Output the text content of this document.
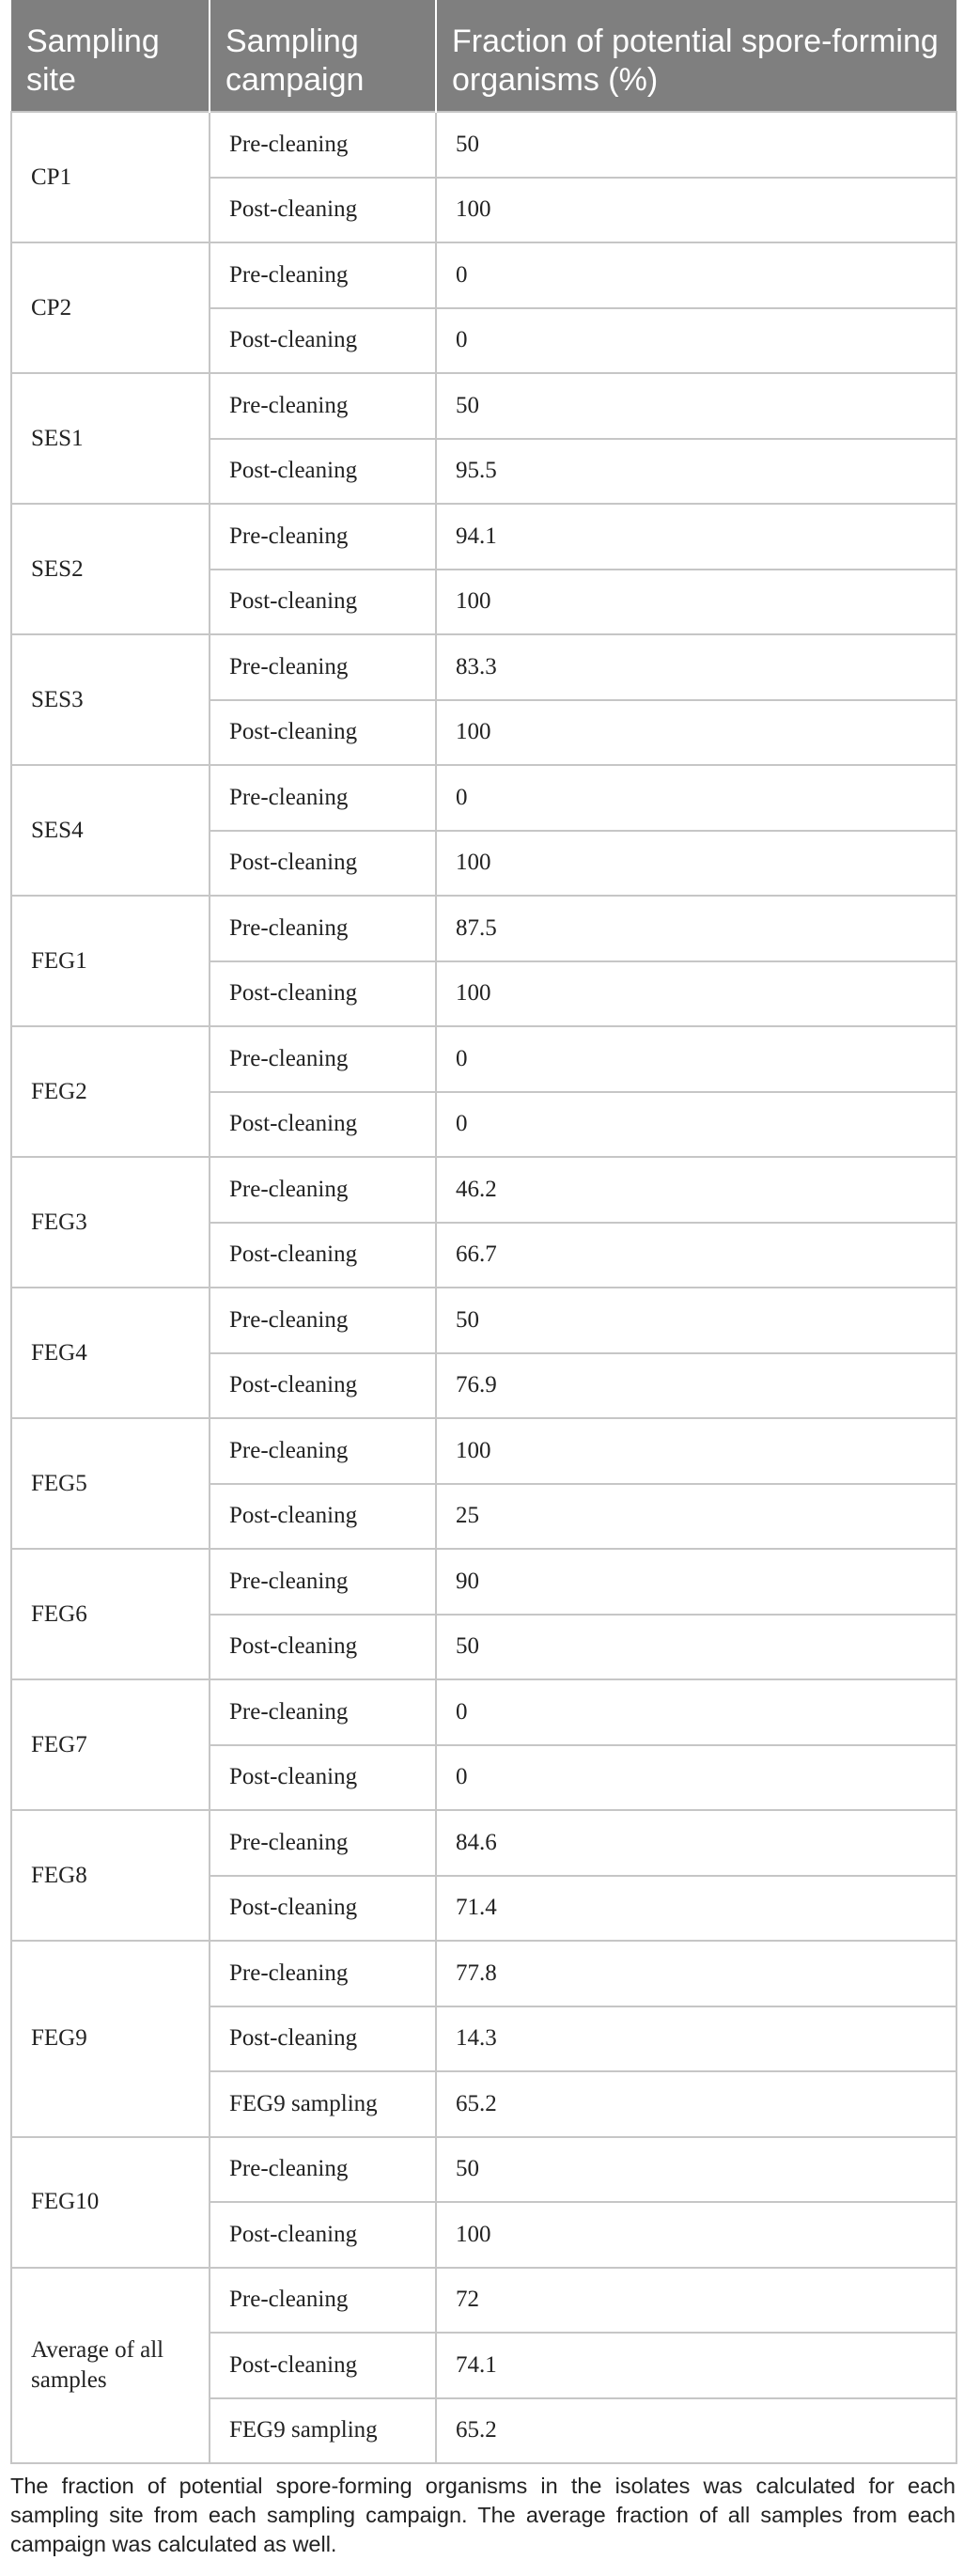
Sampling site	Sampling campaign	Fraction of potential spore-forming organisms (%)
CP1	Pre-cleaning	50
	Post-cleaning	100
CP2	Pre-cleaning	0
	Post-cleaning	0
SES1	Pre-cleaning	50
	Post-cleaning	95.5
SES2	Pre-cleaning	94.1
	Post-cleaning	100
SES3	Pre-cleaning	83.3
	Post-cleaning	100
SES4	Pre-cleaning	0
	Post-cleaning	100
FEG1	Pre-cleaning	87.5
	Post-cleaning	100
FEG2	Pre-cleaning	0
	Post-cleaning	0
FEG3	Pre-cleaning	46.2
	Post-cleaning	66.7
FEG4	Pre-cleaning	50
	Post-cleaning	76.9
FEG5	Pre-cleaning	100
	Post-cleaning	25
FEG6	Pre-cleaning	90
	Post-cleaning	50
FEG7	Pre-cleaning	0
	Post-cleaning	0
FEG8	Pre-cleaning	84.6
	Post-cleaning	71.4
FEG9	Pre-cleaning	77.8
	Post-cleaning	14.3
	FEG9 sampling	65.2
FEG10	Pre-cleaning	50
	Post-cleaning	100
Average of all samples	Pre-cleaning	72
	Post-cleaning	74.1
	FEG9 sampling	65.2
The fraction of potential spore-forming organisms in the isolates was calculated for each sampling site from each sampling campaign. The average fraction of all samples from each campaign was calculated as well.
